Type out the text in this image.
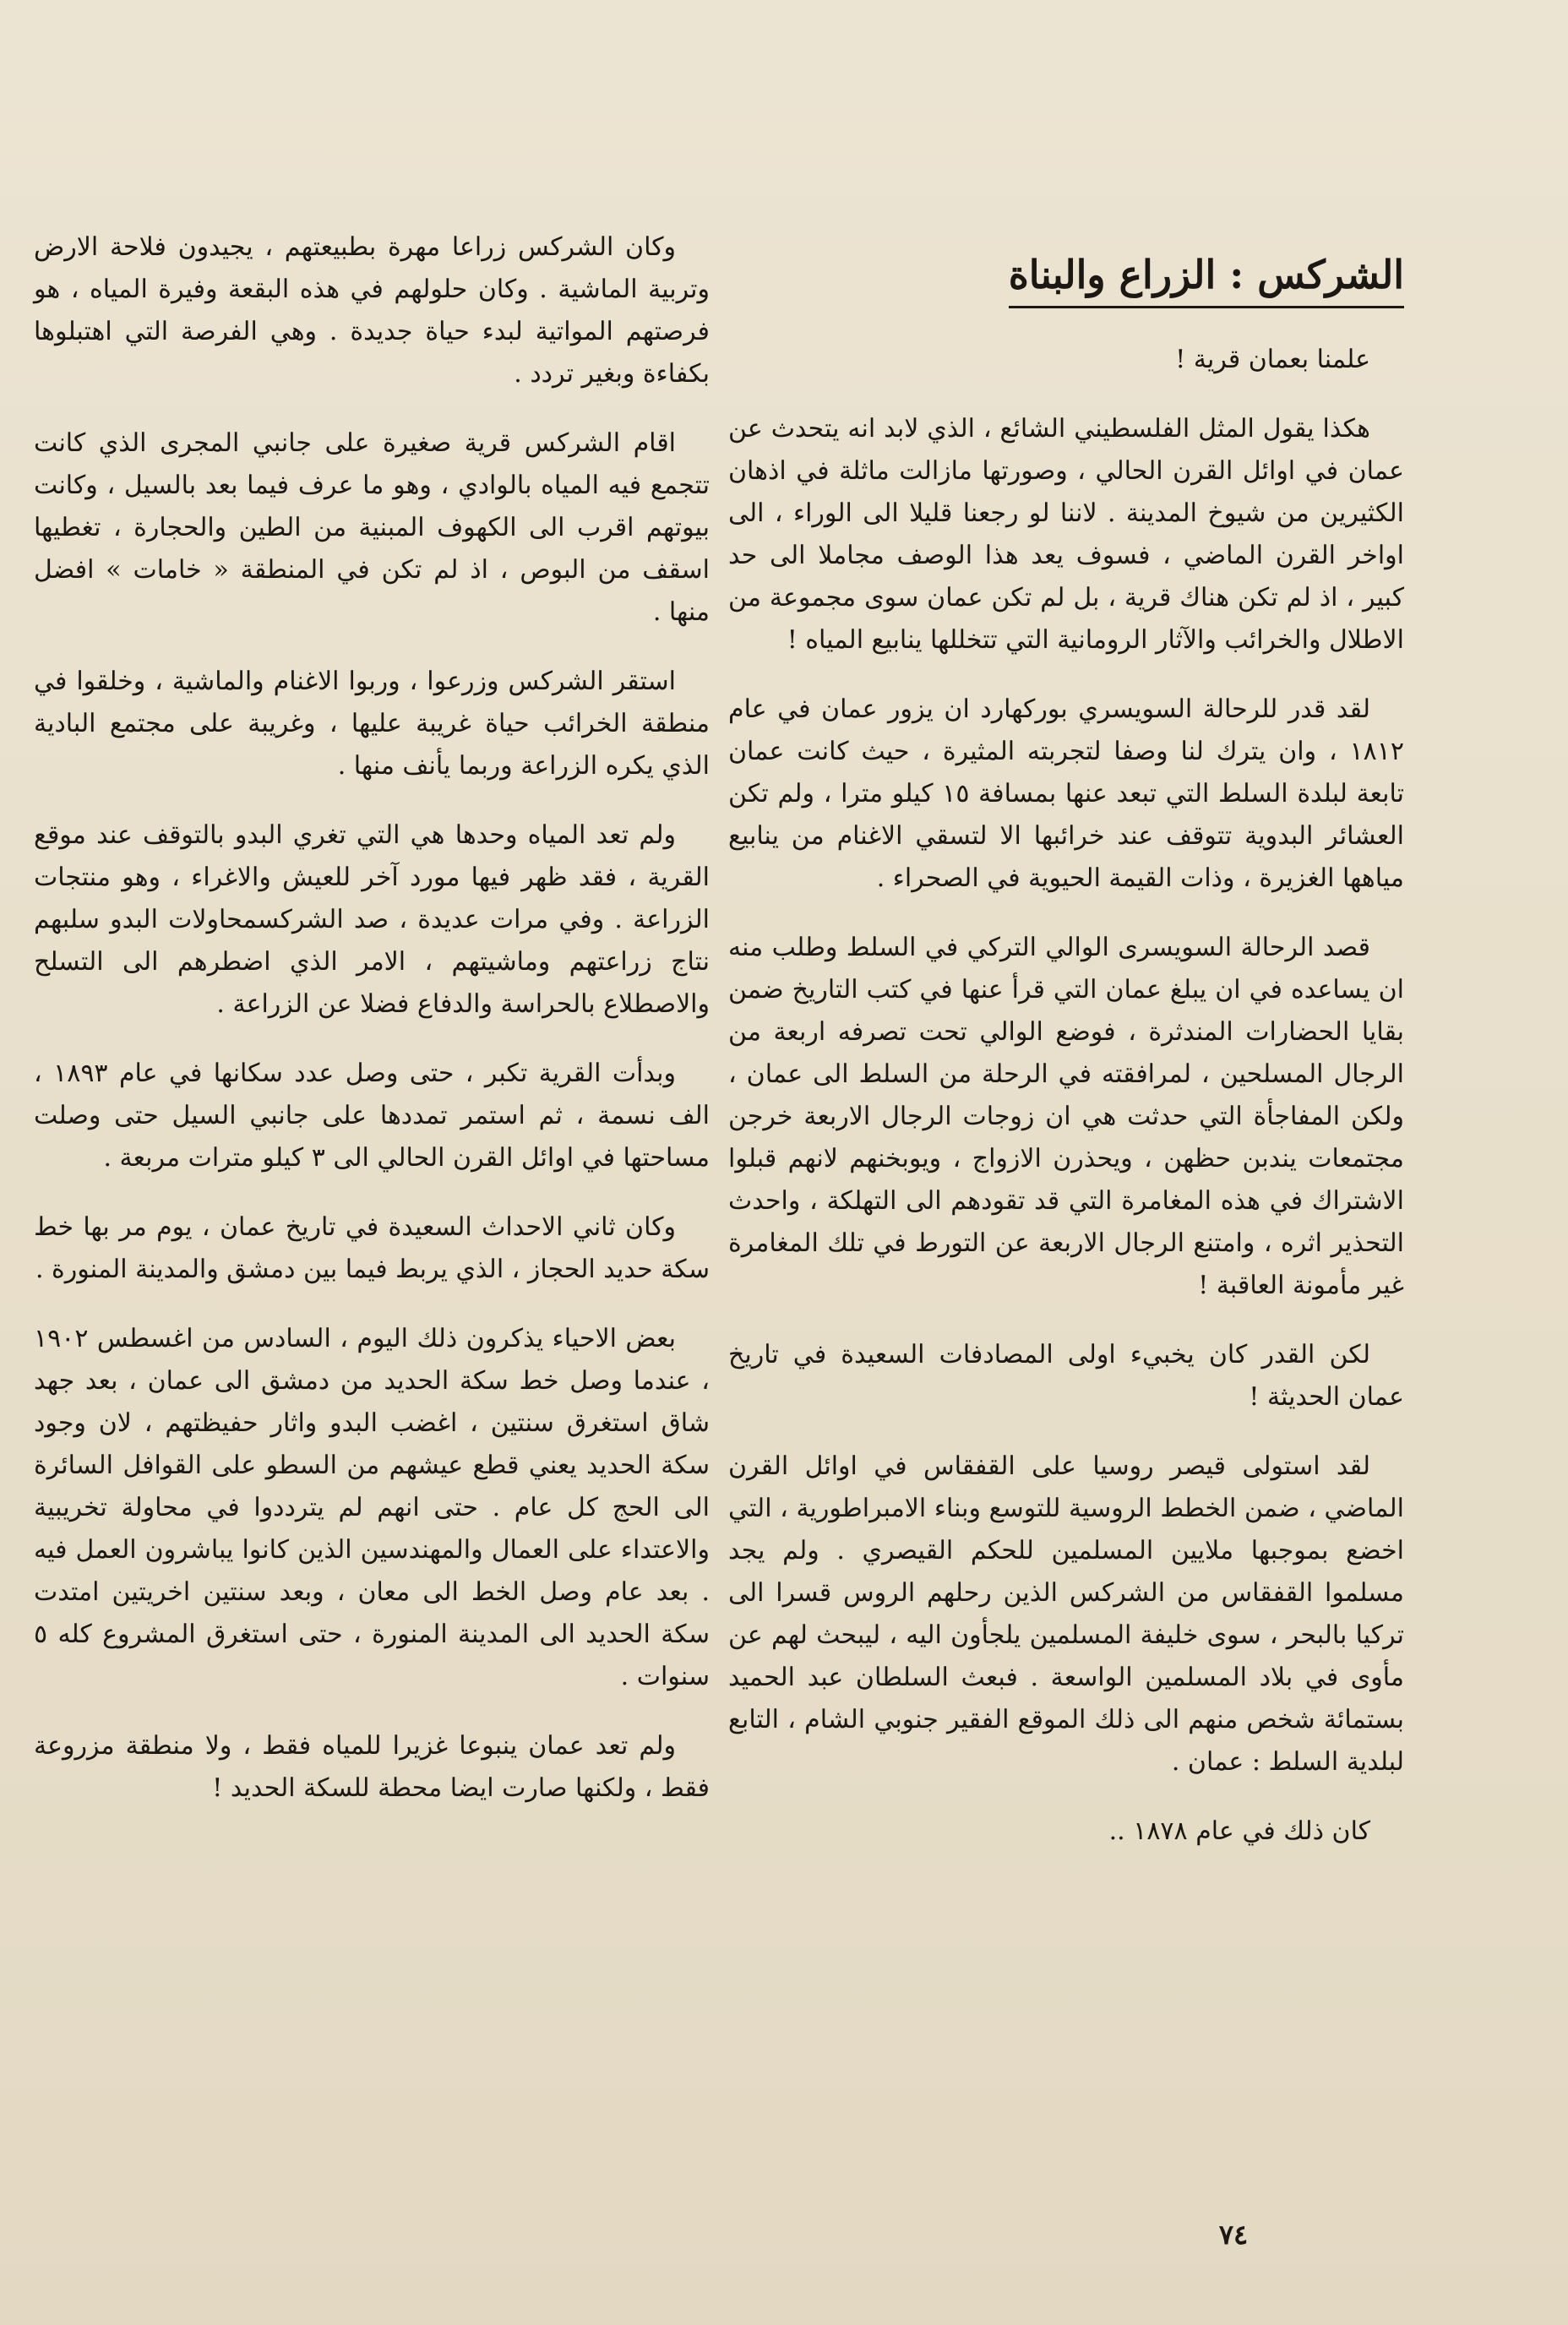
الشركس : الزراع والبناة

علمنا بعمان قرية !

هكذا يقول المثل الفلسطيني الشائع ، الذي لابد انه يتحدث عن عمان في اوائل القرن الحالي ، وصورتها مازالت ماثلة في اذهان الكثيرين من شيوخ المدينة . لاننا لو رجعنا قليلا الى الوراء ، الى اواخر القرن الماضي ، فسوف يعد هذا الوصف مجاملا الى حد كبير ، اذ لم تكن هناك قرية ، بل لم تكن عمان سوى مجموعة من الاطلال والخرائب والآثار الرومانية التي تتخللها ينابيع المياه !

لقد قدر للرحالة السويسري بوركهارد ان يزور عمان في عام ١٨١٢ ، وان يترك لنا وصفا لتجربته المثيرة ، حيث كانت عمان تابعة لبلدة السلط التي تبعد عنها بمسافة ١٥ كيلو مترا ، ولم تكن العشائر البدوية تتوقف عند خرائبها الا لتسقي الاغنام من ينابيع مياهها الغزيرة ، وذات القيمة الحيوية في الصحراء .

قصد الرحالة السويسرى الوالي التركي في السلط وطلب منه ان يساعده في ان يبلغ عمان التي قرأ عنها في كتب التاريخ ضمن بقايا الحضارات المندثرة ، فوضع الوالي تحت تصرفه اربعة من الرجال المسلحين ، لمرافقته في الرحلة من السلط الى عمان ، ولكن المفاجأة التي حدثت هي ان زوجات الرجال الاربعة خرجن مجتمعات يندبن حظهن ، ويحذرن الازواج ، ويوبخنهم لانهم قبلوا الاشتراك في هذه المغامرة التي قد تقودهم الى التهلكة ، واحدث التحذير اثره ، وامتنع الرجال الاربعة عن التورط في تلك المغامرة غير مأمونة العاقبة !

لكن القدر كان يخبيء اولى المصادفات السعيدة في تاريخ عمان الحديثة !

لقد استولى قيصر روسيا على القفقاس في اوائل القرن الماضي ، ضمن الخطط الروسية للتوسع وبناء الامبراطورية ، التي اخضع بموجبها ملايين المسلمين للحكم القيصري . ولم يجد مسلموا القفقاس من الشركس الذين رحلهم الروس قسرا الى تركيا بالبحر ، سوى خليفة المسلمين يلجأون اليه ، ليبحث لهم عن مأوى في بلاد المسلمين الواسعة . فبعث السلطان عبد الحميد بستمائة شخص منهم الى ذلك الموقع الفقير جنوبي الشام ، التابع لبلدية السلط : عمان .

كان ذلك في عام ١٨٧٨ ..

وكان الشركس زراعا مهرة بطبيعتهم ، يجيدون فلاحة الارض وتربية الماشية . وكان حلولهم في هذه البقعة وفيرة المياه ، هو فرصتهم المواتية لبدء حياة جديدة . وهي الفرصة التي اهتبلوها بكفاءة وبغير تردد .

اقام الشركس قرية صغيرة على جانبي المجرى الذي كانت تتجمع فيه المياه بالوادي ، وهو ما عرف فيما بعد بالسيل ، وكانت بيوتهم اقرب الى الكهوف المبنية من الطين والحجارة ، تغطيها اسقف من البوص ، اذ لم تكن في المنطقة « خامات » افضل منها .

استقر الشركس وزرعوا ، وربوا الاغنام والماشية ، وخلقوا في منطقة الخرائب حياة غريبة عليها ، وغريبة على مجتمع البادية الذي يكره الزراعة وربما يأنف منها .

ولم تعد المياه وحدها هي التي تغري البدو بالتوقف عند موقع القرية ، فقد ظهر فيها مورد آخر للعيش والاغراء ، وهو منتجات الزراعة . وفي مرات عديدة ، صد الشركسمحاولات البدو سلبهم نتاج زراعتهم وماشيتهم ، الامر الذي اضطرهم الى التسلح والاصطلاع بالحراسة والدفاع فضلا عن الزراعة .

وبدأت القرية تكبر ، حتى وصل عدد سكانها في عام ١٨٩٣ ، الف نسمة ، ثم استمر تمددها على جانبي السيل حتى وصلت مساحتها في اوائل القرن الحالي الى ٣ كيلو مترات مربعة .

وكان ثاني الاحداث السعيدة في تاريخ عمان ، يوم مر بها خط سكة حديد الحجاز ، الذي يربط فيما بين دمشق والمدينة المنورة .

بعض الاحياء يذكرون ذلك اليوم ، السادس من اغسطس ١٩٠٢ ، عندما وصل خط سكة الحديد من دمشق الى عمان ، بعد جهد شاق استغرق سنتين ، اغضب البدو واثار حفيظتهم ، لان وجود سكة الحديد يعني قطع عيشهم من السطو على القوافل السائرة الى الحج كل عام . حتى انهم لم يترددوا في محاولة تخريبية والاعتداء على العمال والمهندسين الذين كانوا يباشرون العمل فيه . بعد عام وصل الخط الى معان ، وبعد سنتين اخريتين امتدت سكة الحديد الى المدينة المنورة ، حتى استغرق المشروع كله ٥ سنوات .

ولم تعد عمان ينبوعا غزيرا للمياه فقط ، ولا منطقة مزروعة فقط ، ولكنها صارت ايضا محطة للسكة الحديد !

٧٤
